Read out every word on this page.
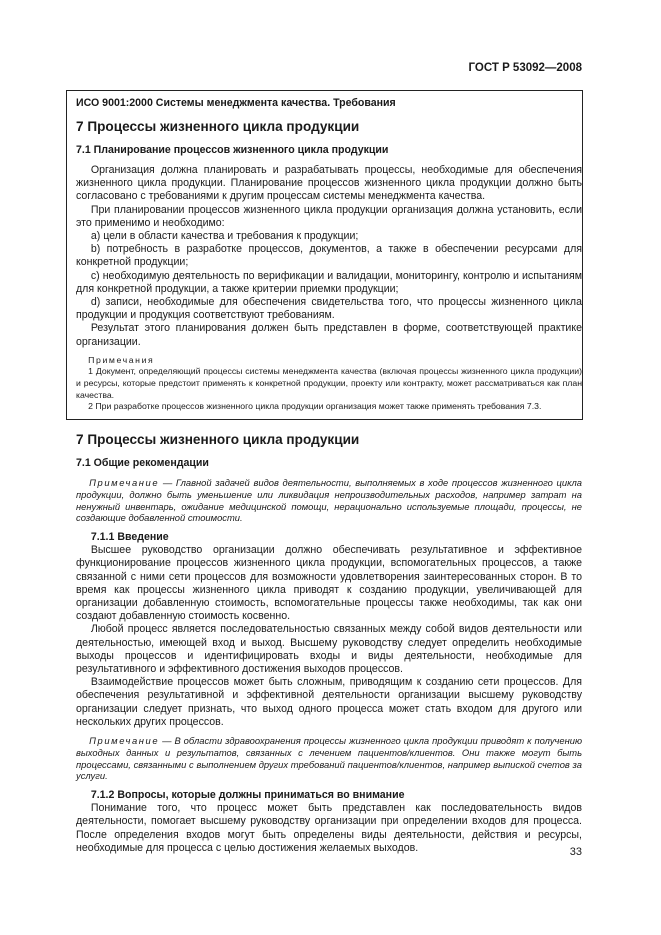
ГОСТ Р 53092—2008

ИСО 9001:2000 Системы менеджмента качества. Требования

7 Процессы жизненного цикла продукции

7.1 Планирование процессов жизненного цикла продукции

Организация должна планировать и разрабатывать процессы, необходимые для обеспечения жизненного цикла продукции. Планирование процессов жизненного цикла продукции должно быть согласовано с требованиями к другим процессам системы менеджмента качества.

При планировании процессов жизненного цикла продукции организация должна установить, если это применимо и необходимо:

а) цели в области качества и требования к продукции;

b) потребность в разработке процессов, документов, а также в обеспечении ресурсами для конкретной продукции;

c) необходимую деятельность по верификации и валидации, мониторингу, контролю и испытаниям для конкретной продукции, а также критерии приемки продукции;

d) записи, необходимые для обеспечения свидетельства того, что процессы жизненного цикла продукции и продукция соответствуют требованиям.

Результат этого планирования должен быть представлен в форме, соответствующей практике организации.

Примечания

1 Документ, определяющий процессы системы менеджмента качества (включая процессы жизненного цикла продукции) и ресурсы, которые предстоит применять к конкретной продукции, проекту или контракту, может рассматриваться как план качества.

2 При разработке процессов жизненного цикла продукции организация может также применять требования 7.3.

7 Процессы жизненного цикла продукции

7.1 Общие рекомендации

Примечание — Главной задачей видов деятельности, выполняемых в ходе процессов жизненного цикла продукции, должно быть уменьшение или ликвидация непроизводительных расходов, например затрат на ненужный инвентарь, ожидание медицинской помощи, нерационально используемые площади, процессы, не создающие добавленной стоимости.

7.1.1 Введение

Высшее руководство организации должно обеспечивать результативное и эффективное функционирование процессов жизненного цикла продукции, вспомогательных процессов, а также связанной с ними сети процессов для возможности удовлетворения заинтересованных сторон. В то время как процессы жизненного цикла приводят к созданию продукции, увеличивающей для организации добавленную стоимость, вспомогательные процессы также необходимы, так как они создают добавленную стоимость косвенно.

Любой процесс является последовательностью связанных между собой видов деятельности или деятельностью, имеющей вход и выход. Высшему руководству следует определить необходимые выходы процессов и идентифицировать входы и виды деятельности, необходимые для результативного и эффективного достижения выходов процессов.

Взаимодействие процессов может быть сложным, приводящим к созданию сети процессов. Для обеспечения результативной и эффективной деятельности организации высшему руководству организации следует признать, что выход одного процесса может стать входом для другого или нескольких других процессов.

Примечание — В области здравоохранения процессы жизненного цикла продукции приводят к получению выходных данных и результатов, связанных с лечением пациентов/клиентов. Они также могут быть процессами, связанными с выполнением других требований пациентов/клиентов, например выпиской счетов за услуги.

7.1.2 Вопросы, которые должны приниматься во внимание

Понимание того, что процесс может быть представлен как последовательность видов деятельности, помогает высшему руководству организации при определении входов для процесса. После определения входов могут быть определены виды деятельности, действия и ресурсы, необходимые для процесса с целью достижения желаемых выходов.	33
